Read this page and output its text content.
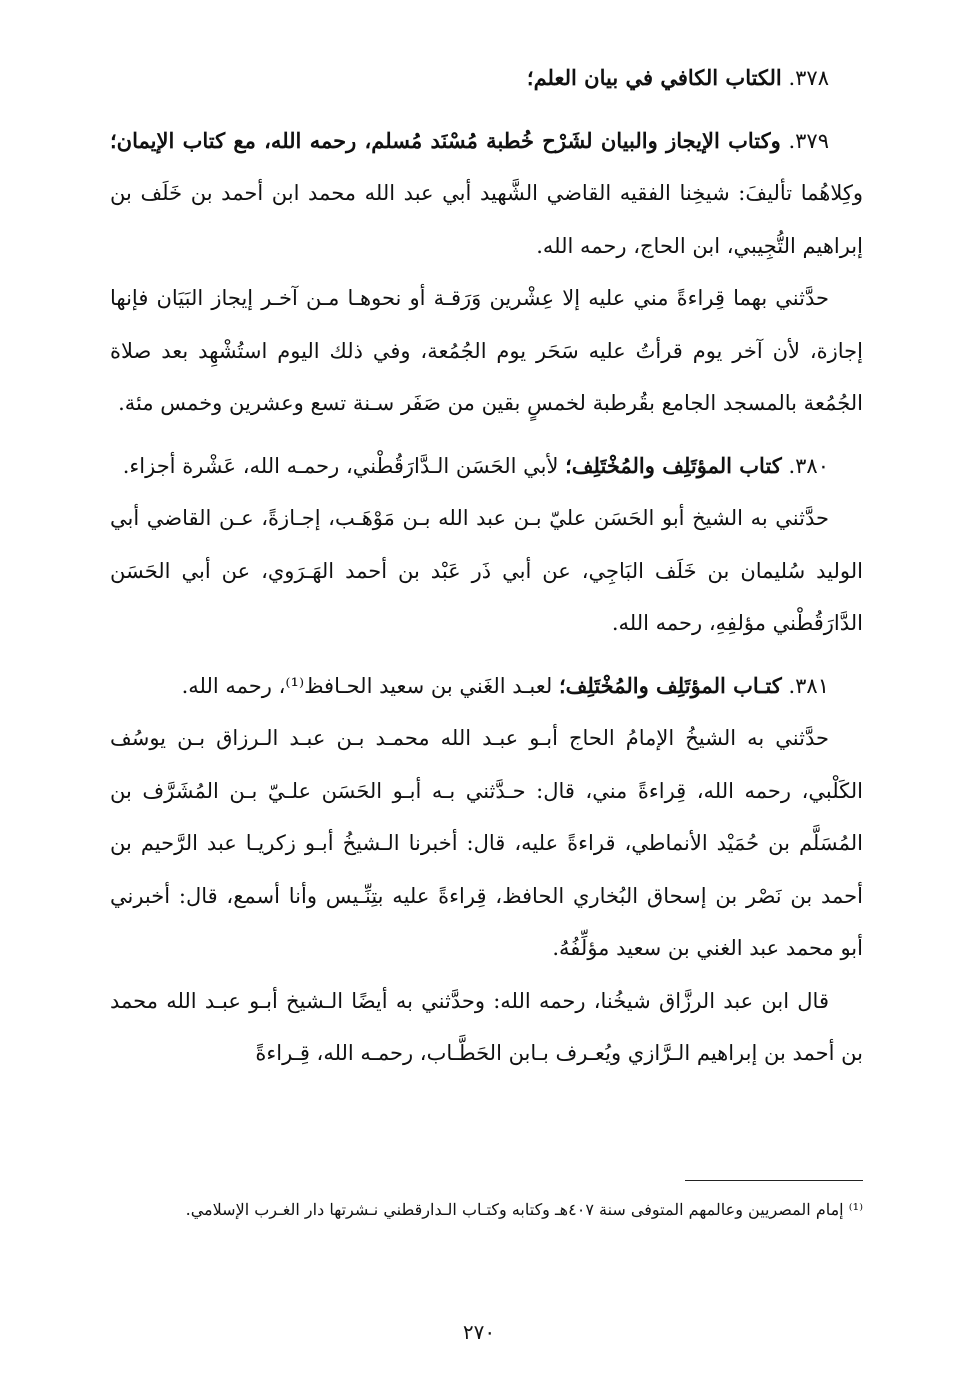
٣٧٨. الكتاب الكافي في بيان العلم؛

٣٧٩. وكتاب الإيجاز والبيان لشَرْح خُطبة مُسْنَد مُسلم، رحمه الله، مع كتاب الإيمان؛ وكِلاهُما تأليفَ: شيخِنا الفقيه القاضي الشَّهيد أبي عبد الله محمد ابن أحمد بن خَلَف بن إبراهيم التُّجِيبي، ابن الحاج، رحمه الله.

حدَّثني بهما قِراءةً مني عليه إلا عِشْرين وَرَقـة أو نحوهـا مـن آخـر إيجاز البَيَان فإنها إجازة، لأن آخر يوم قرأتُ عليه سَحَر يوم الجُمُعة، وفي ذلك اليوم استُشْهِد بعد صلاة الجُمُعة بالمسجد الجامع بقُرطبة لخمسٍ بقين من صَفَر سـنة تسع وعشرين وخمس مئة.

٣٨٠. كتاب المؤتَلِف والمُخْتَلِف؛ لأبي الحَسَن الـدَّارَقُطْني، رحمـه الله، عَشْرة أجزاء.

حدَّثني به الشيخ أبو الحَسَن عليّ بـن عبد الله بـن مَوْهَـب، إجـازةً، عـن القاضي أبي الوليد سُليمان بن خَلَف البَاجِي، عن أبي ذَر عَبْد بن أحمد الهَـرَوي، عن أبي الحَسَن الدَّارَقُطْني مؤلفِهِ، رحمه الله.

٣٨١. كتـاب المؤتَلِف والمُخْتَلِف؛ لعبـد الغَني بن سعيد الحـافظ⁽¹⁾، رحمه الله.

حدَّثني به الشيخُ الإمامُ الحاج أبـو عبـد الله محمـد بـن عبـد الـرزاق بـن يوسُف الكَلْبي، رحمه الله، قِراءةً مني، قال: حـدَّثني بـه أبـو الحَسَن علـيّ بـن المُشَرَّف بن المُسَلَّم بن حُمَيْد الأنماطي، قراءةً عليه، قال: أخبرنا الـشيخُ أبـو زكريـا عبد الرَّحيم بن أحمد بن نَصْر بن إسحاق البُخاري الحافظ، قِراءةً عليه بتِنِّـيس وأنا أسمع، قال: أخبرني أبو محمد عبد الغني بن سعيد مؤلِّفُهُ.

قال ابن عبد الرزَّاق شيخُنا، رحمه الله: وحدَّثني به أيضًا الـشيخ أبـو عبـد الله محمد بن أحمد بن إبراهيم الـرَّازي ويُعـرف بـابن الحَطَّـاب، رحمـه الله، قِـراءةً

⁽¹⁾ إمام المصريين وعالمهم المتوفى سنة ٤٠٧هـ وكتابه وكتـاب الـدارقطني نـشرتها دار الغـرب الإسلامي.
٢٧٠
